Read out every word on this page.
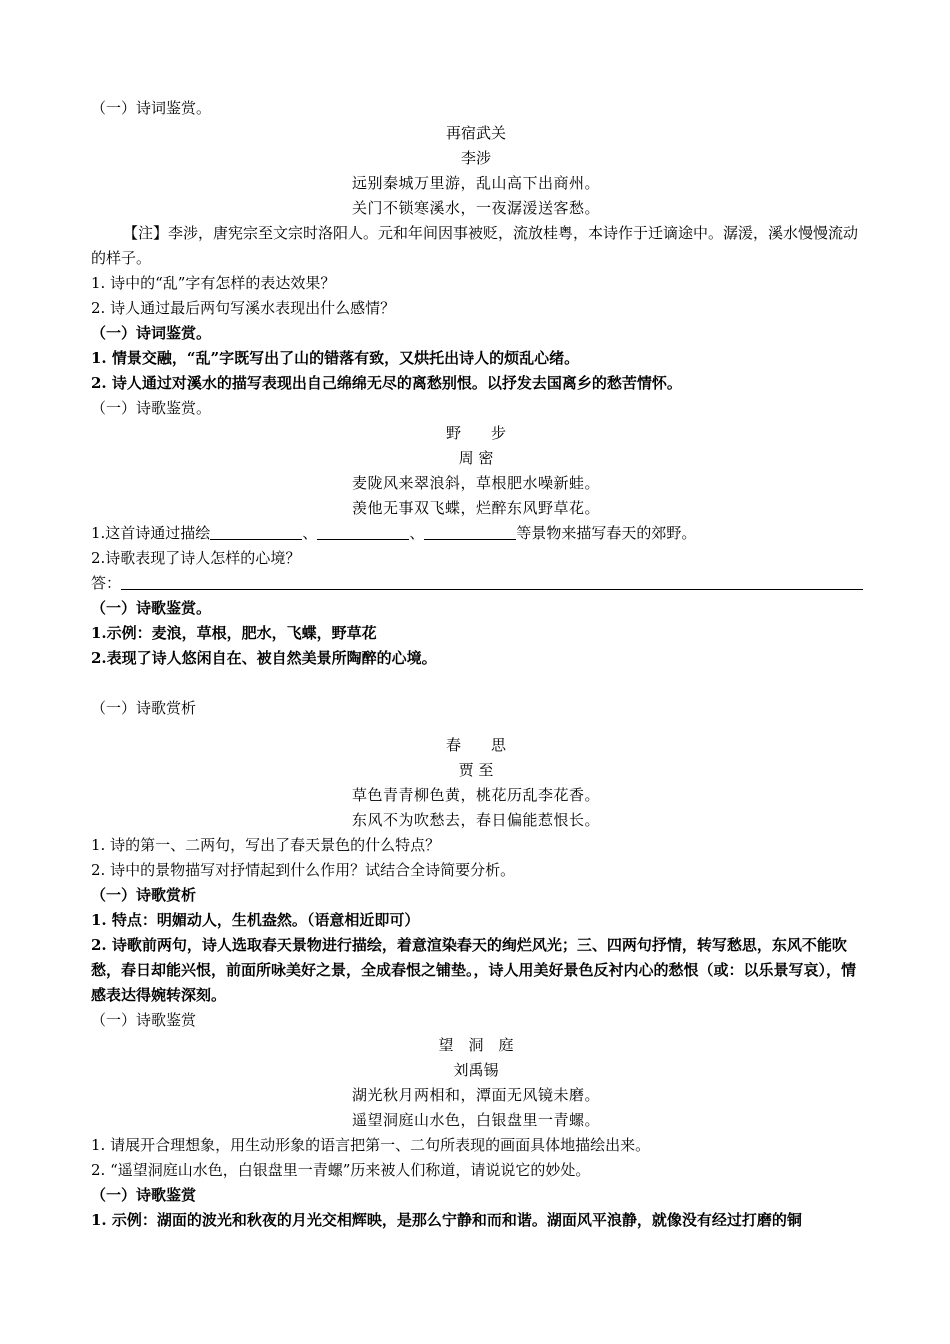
（一）诗词鉴赏。
再宿武关
李涉
远别秦城万里游，乱山高下出商州。
关门不锁寒溪水，一夜潺湲送客愁。
【注】李涉，唐宪宗至文宗时洛阳人。元和年间因事被贬，流放桂粤，本诗作于迁谪途中。潺湲，溪水慢慢流动的样子。
1. 诗中的“乱”字有怎样的表达效果？
2. 诗人通过最后两句写溪水表现出什么感情？
（一）诗词鉴赏。
1. 情景交融，“乱”字既写出了山的错落有致，又烘托出诗人的烦乱心绪。
2. 诗人通过对溪水的描写表现出自己绵绵无尽的离愁别恨。以抒发去国离乡的愁苦情怀。
（一）诗歌鉴赏。
野　　步
周 密
麦陇风来翠浪斜，草根肥水噪新蛙。
羡他无事双飞蝶，烂醉东风野草花。
1.这首诗通过描绘	、	、	等景物来描写春天的郊野。
2.诗歌表现了诗人怎样的心境？
答：
（一）诗歌鉴赏。
1.示例：麦浪，草根，肥水，飞蝶，野草花
2.表现了诗人悠闲自在、被自然美景所陶醉的心境。
（一）诗歌赏析
春　　思
贾 至
草色青青柳色黄，桃花历乱李花香。
东风不为吹愁去，春日偏能惹恨长。
1. 诗的第一、二两句，写出了春天景色的什么特点？
2. 诗中的景物描写对抒情起到什么作用？试结合全诗简要分析。
（一）诗歌赏析
1. 特点：明媚动人，生机盎然。（语意相近即可）
2. 诗歌前两句，诗人选取春天景物进行描绘，着意渲染春天的绚烂风光；三、四两句抒情，转写愁思，东风不能吹愁，春日却能兴恨，前面所咏美好之景，全成春恨之铺垫。，诗人用美好景色反衬内心的愁恨（或：以乐景写哀），情感表达得婉转深刻。
（一）诗歌鉴赏
望　洞　庭
刘禹锡
湖光秋月两相和，潭面无风镜未磨。
遥望洞庭山水色，白银盘里一青螺。
1. 请展开合理想象，用生动形象的语言把第一、二句所表现的画面具体地描绘出来。
2. “遥望洞庭山水色，白银盘里一青螺”历来被人们称道，请说说它的妙处。
（一）诗歌鉴赏
1. 示例：湖面的波光和秋夜的月光交相辉映，是那么宁静和而和谐。湖面风平浪静，就像没有经过打磨的铜
